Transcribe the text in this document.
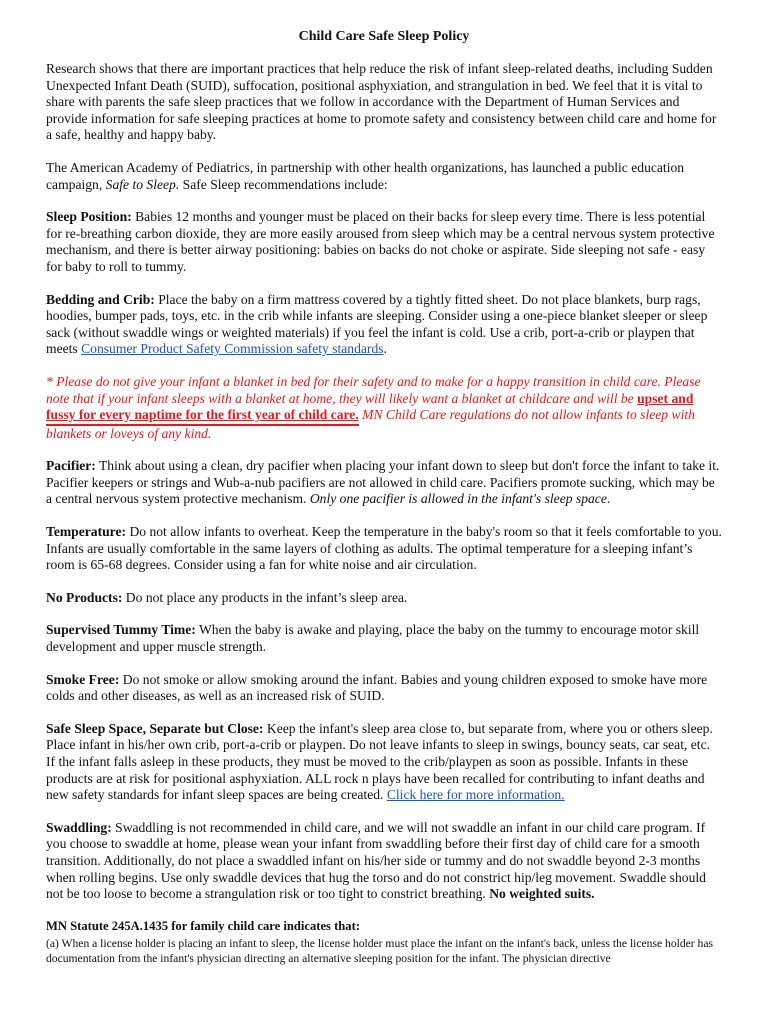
Child Care Safe Sleep Policy

Research shows that there are important practices that help reduce the risk of infant sleep-related deaths, including Sudden Unexpected Infant Death (SUID), suffocation, positional asphyxiation, and strangulation in bed. We feel that it is vital to share with parents the safe sleep practices that we follow in accordance with the Department of Human Services and provide information for safe sleeping practices at home to promote safety and consistency between child care and home for a safe, healthy and happy baby.

The American Academy of Pediatrics, in partnership with other health organizations, has launched a public education campaign, Safe to Sleep. Safe Sleep recommendations include:

Sleep Position: Babies 12 months and younger must be placed on their backs for sleep every time. There is less potential for re-breathing carbon dioxide, they are more easily aroused from sleep which may be a central nervous system protective mechanism, and there is better airway positioning: babies on backs do not choke or aspirate. Side sleeping not safe - easy for baby to roll to tummy.

Bedding and Crib: Place the baby on a firm mattress covered by a tightly fitted sheet. Do not place blankets, burp rags, hoodies, bumper pads, toys, etc. in the crib while infants are sleeping. Consider using a one-piece blanket sleeper or sleep sack (without swaddle wings or weighted materials) if you feel the infant is cold. Use a crib, port-a-crib or playpen that meets Consumer Product Safety Commission safety standards.

* Please do not give your infant a blanket in bed for their safety and to make for a happy transition in child care. Please note that if your infant sleeps with a blanket at home, they will likely want a blanket at childcare and will be upset and
fussy for every naptime for the first year of child care. MN Child Care regulations do not allow infants to sleep with blankets or loveys of any kind.

Pacifier: Think about using a clean, dry pacifier when placing your infant down to sleep but don't force the infant to take it. Pacifier keepers or strings and Wub-a-nub pacifiers are not allowed in child care. Pacifiers promote sucking, which may be a central nervous system protective mechanism. Only one pacifier is allowed in the infant's sleep space.

Temperature: Do not allow infants to overheat. Keep the temperature in the baby's room so that it feels comfortable to you. Infants are usually comfortable in the same layers of clothing as adults. The optimal temperature for a sleeping infant’s room is 65-68 degrees. Consider using a fan for white noise and air circulation.

No Products: Do not place any products in the infant’s sleep area.

Supervised Tummy Time: When the baby is awake and playing, place the baby on the tummy to encourage motor skill development and upper muscle strength.

Smoke Free: Do not smoke or allow smoking around the infant. Babies and young children exposed to smoke have more colds and other diseases, as well as an increased risk of SUID.

Safe Sleep Space, Separate but Close: Keep the infant's sleep area close to, but separate from, where you or others sleep. Place infant in his/her own crib, port-a-crib or playpen. Do not leave infants to sleep in swings, bouncy seats, car seat, etc. If the infant falls asleep in these products, they must be moved to the crib/playpen as soon as possible. Infants in these products are at risk for positional asphyxiation. ALL rock n plays have been recalled for contributing to infant deaths and new safety standards for infant sleep spaces are being created. Click here for more information.

Swaddling: Swaddling is not recommended in child care, and we will not swaddle an infant in our child care program. If you choose to swaddle at home, please wean your infant from swaddling before their first day of child care for a smooth transition. Additionally, do not place a swaddled infant on his/her side or tummy and do not swaddle beyond 2-3 months when rolling begins. Use only swaddle devices that hug the torso and do not constrict hip/leg movement. Swaddle should not be too loose to become a strangulation risk or too tight to constrict breathing. No weighted suits.

MN Statute 245A.1435 for family child care indicates that:
(a) When a license holder is placing an infant to sleep, the license holder must place the infant on the infant's back, unless the license holder has documentation from the infant's physician directing an alternative sleeping position for the infant. The physician directive
